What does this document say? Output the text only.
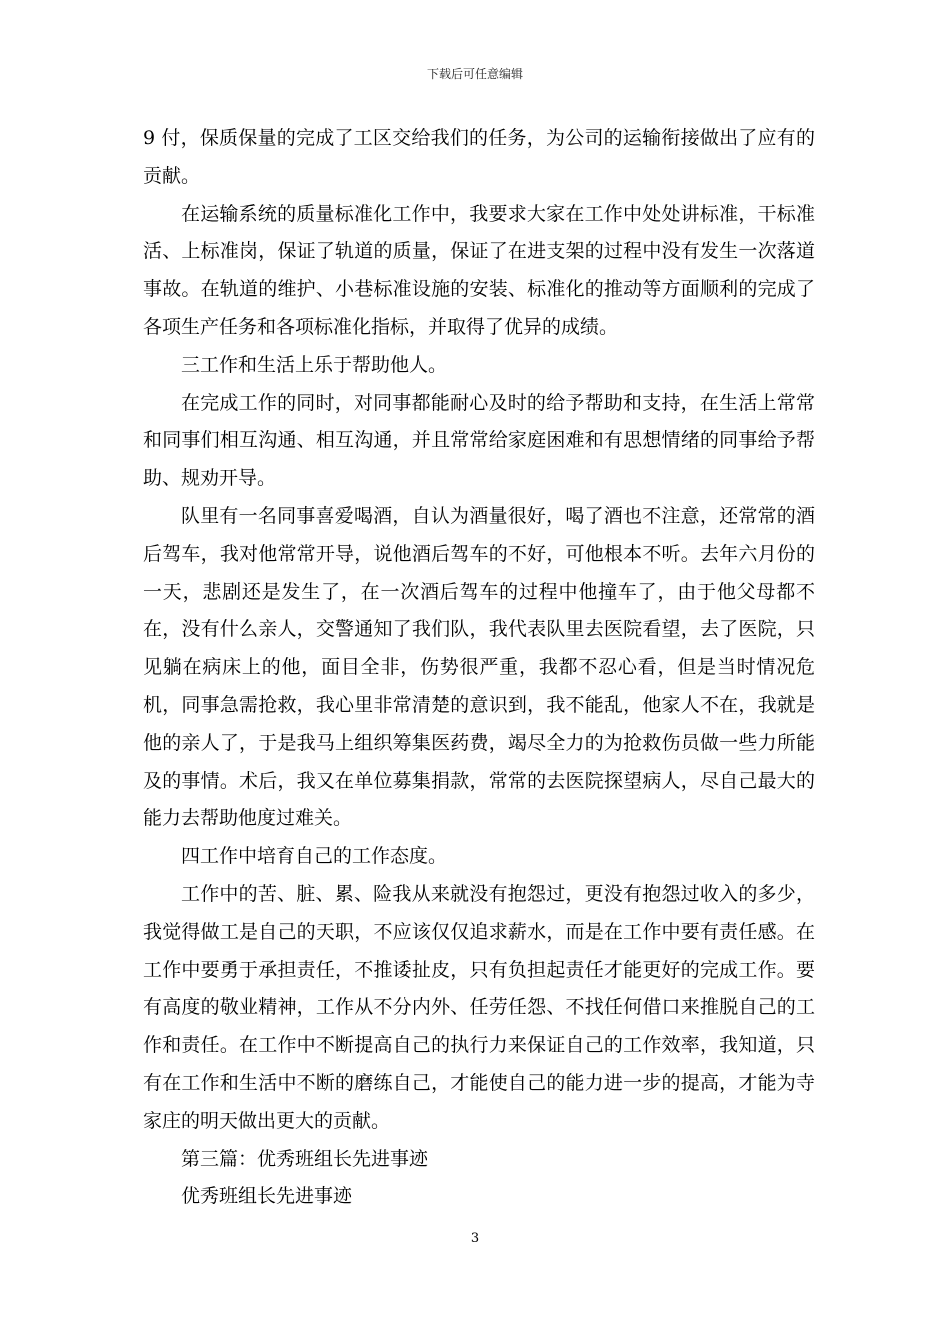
下载后可任意编辑

9 付，保质保量的完成了工区交给我们的任务，为公司的运输衔接做出了应有的贡献。

在运输系统的质量标准化工作中，我要求大家在工作中处处讲标准，干标准活、上标准岗，保证了轨道的质量，保证了在进支架的过程中没有发生一次落道事故。在轨道的维护、小巷标准设施的安装、标准化的推动等方面顺利的完成了各项生产任务和各项标准化指标，并取得了优异的成绩。

三工作和生活上乐于帮助他人。

在完成工作的同时，对同事都能耐心及时的给予帮助和支持，在生活上常常和同事们相互沟通、相互沟通，并且常常给家庭困难和有思想情绪的同事给予帮助、规劝开导。

队里有一名同事喜爱喝酒，自认为酒量很好，喝了酒也不注意，还常常的酒后驾车，我对他常常开导，说他酒后驾车的不好，可他根本不听。去年六月份的一天，悲剧还是发生了，在一次酒后驾车的过程中他撞车了，由于他父母都不在，没有什么亲人，交警通知了我们队，我代表队里去医院看望，去了医院，只见躺在病床上的他，面目全非，伤势很严重，我都不忍心看，但是当时情况危机，同事急需抢救，我心里非常清楚的意识到，我不能乱，他家人不在，我就是他的亲人了，于是我马上组织筹集医药费，竭尽全力的为抢救伤员做一些力所能及的事情。术后，我又在单位募集捐款，常常的去医院探望病人，尽自己最大的能力去帮助他度过难关。

四工作中培育自己的工作态度。

工作中的苦、脏、累、险我从来就没有抱怨过，更没有抱怨过收入的多少，我觉得做工是自己的天职，不应该仅仅追求薪水，而是在工作中要有责任感。在工作中要勇于承担责任，不推诿扯皮，只有负担起责任才能更好的完成工作。要有高度的敬业精神，工作从不分内外、任劳任怨、不找任何借口来推脱自己的工作和责任。在工作中不断提高自己的执行力来保证自己的工作效率，我知道，只有在工作和生活中不断的磨练自己，才能使自己的能力进一步的提高，才能为寺家庄的明天做出更大的贡献。

第三篇：优秀班组长先进事迹

优秀班组长先进事迹

3
